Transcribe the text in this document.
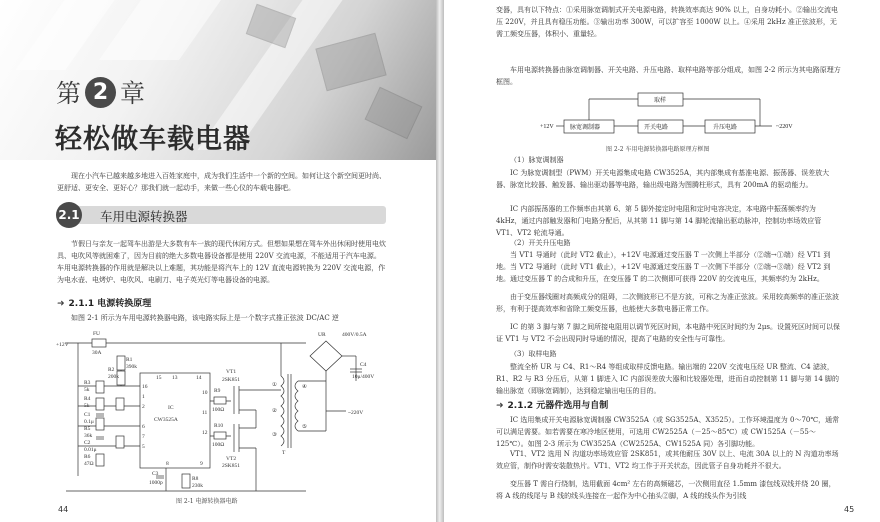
第 2 章
轻松做车载电器

现在小汽车已越来越多地进入百姓家庭中，成为我们生活中一个新的空间。如何让这个新空间更时尚、更舒适、更安全、更好心？那我们就一起动手，来做一些心仪的车载电器吧。

2.1 车用电源转换器

节假日与亲友一起驾车出游是大多数有车一族的现代休闲方式。但想如果想在驾车外出休闲时使用电炊具、电吹风等就困难了，因为目前的绝大多数电器设备都是使用 220V 交流电源，不能适用于汽车电源。车用电源转换器的作用就是解决以上难题，其功能是将汽车上的 12V 直流电源转换为 220V 交流电源，作为电水壶、电烤炉、电吹风、电刷刀、电子英光灯等电器设备的电源。

➜ 2.1.1 电源转换原理

如图 2-1 所示为车用电源转换器电路，该电路实际上是一个数字式推正弦波 DC/AC 逆

+12V
FU
30A
IC
CW3525A
R1
390k
R2
200k
R3
5k
R4
5k
C1
0.1μ
R5
36k
C2
0.01μ
R6
47Ω
C3
1000p
R8
230k
R9
100Ω
R10
100Ω
VT1
2SK851
VT2
2SK851
T
UR	400V/0.5A
C4
10μ/400V
~220V
15 13
16
1
2
6
7
5
8	9
10
11
12
14
①
②
③
④
⑤
图 2-1 电源转换器电路
44

变器，具有以下特点：①采用脉宽调制式开关电源电路，转换效率高达 90% 以上，自身功耗小。②输出交流电压 220V，并且具有稳压功能。③输出功率 300W，可以扩容至 1000W 以上。④采用 2kHz 准正弦波形，无需工频变压器，体积小、重量轻。

车用电源转换器由脉宽调制器、开关电路、升压电路、取样电路等部分组成，如图 2-2 所示为其电路原理方框图。

+12V	脉宽调制器	开关电路	升压电路
取样
~220V
图 2-2 车用电源转换器电路原理方框图
（1）脉宽调制器

IC 为脉宽调制型（PWM）开关电源集成电路 CW3525A，其内部集成有基准电源、振荡器、误差放大器、脉宽比较器、触发器、输出驱动器等电路，输出级电路为图腾柱形式，具有 200mA 的驱动能力。

IC 内部振荡器的工作频率由其第 6、第 5 脚外接定时电阻和定时电容决定，本电路中振荡频率约为 4kHz，通过内部触发器和门电路分配后，从其第 11 脚与第 14 脚轮流输出驱动脉冲，控制功率场效应管 VT1、VT2 轮流导通。

（2）开关升压电路

当 VT1 导通时（此时 VT2 截止），+12V 电源通过变压器 T 一次侧上半部分（②端→①端）经 VT1 到地。当 VT2 导通时（此时 VT1 截止），+12V 电源通过变压器 T 一次侧下半部分（②端→③端）经 VT2 到地。通过变压器 T 的合成和升压，在变压器 T 的二次侧即可获得 220V 的交流电压，其频率约为 2kHz。

由于变压器线圈对高频成分的阻碍，二次侧波形已不是方波，可称之为准正弦波。采用较高频率的准正弦波形，有利于提高效率和省除工频变压器，也能使大多数电器正常工作。

IC 的第 3 脚与第 7 脚之间所接电阻用以调节死区时间，本电路中死区时间约为 2μs。设置死区时间可以保证 VT1 与 VT2 不会出现同时导通的情况，提高了电路的安全性与可靠性。

（3）取样电路

整流全桥 UR 与 C4、R1～R4 等组成取样反馈电路。输出端的 220V 交流电压经 UR 整流、C4 滤波，R1、R2 与 R3 分压后，从第 1 脚进入 IC 内部误差放大器和比较器处理，进而自动控制第 11 脚与第 14 脚的输出脉宽（即脉宽调制），达到稳定输出电压的目的。

➜ 2.1.2 元器件选用与自制

IC 选用集成开关电源脉宽调制器 CW3525A（或 SG3525A、X3525）。工作环境温度为 0～70℃，通常可以满足需要。如若需要在寒冷地区使用，可选用 CW2525A（－25～85℃）或 CW1525A（－55～125℃）。如图 2-3 所示为 CW3525A（CW2525A、CW1525A 同）各引脚功能。

VT1、VT2 选用 N 沟道功率场效应管 2SK851，或其他耐压 30V 以上、电流 30A 以上的 N 沟道功率场效应管，制作时需安装散热片。VT1、VT2 均工作于开关状态，因此管子自身功耗并不很大。

变压器 T 需自行绕制，选用截面 4cm² 左右的高频磁芯，一次侧用直径 1.5mm 漆包线双线并绕 20 圈，将 A 线的线尾与 B 线的线头连接在一起作为中心抽头②脚，A 线的线头作为引线

45
